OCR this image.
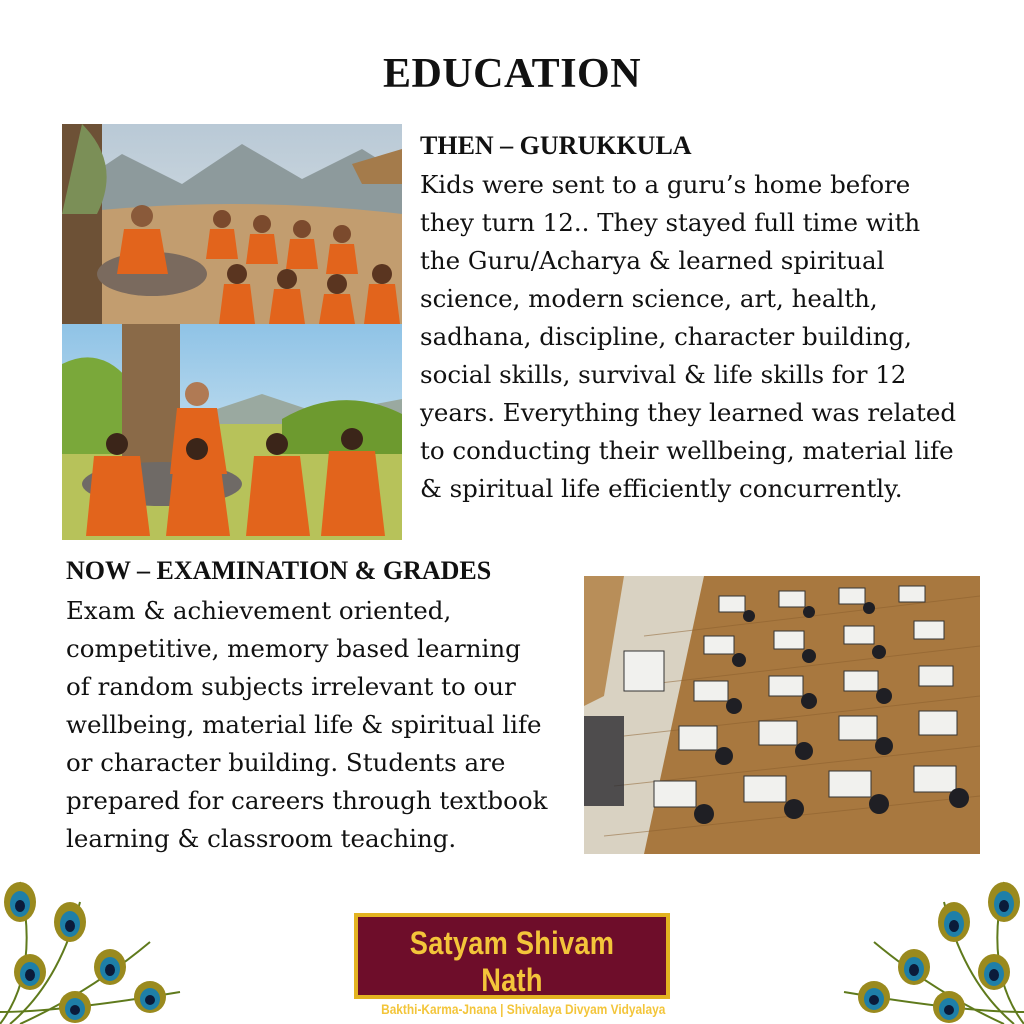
EDUCATION
THEN – GURUKKULA
Kids were sent to a guru’s home before
they turn 12.. They stayed full time with
the Guru/Acharya & learned spiritual
science, modern science, art, health,
sadhana, discipline, character building,
social skills, survival & life skills for 12
years. Everything they learned was related
to conducting their wellbeing, material life
& spiritual life efficiently concurrently.
NOW – EXAMINATION & GRADES
Exam & achievement oriented,
competitive, memory based learning
of random subjects irrelevant to our
wellbeing, material life & spiritual life
or character building. Students are
prepared for careers through textbook
learning & classroom teaching.
Satyam Shivam Nath
Bakthi-Karma-Jnana | Shivalaya Divyam Vidyalaya
